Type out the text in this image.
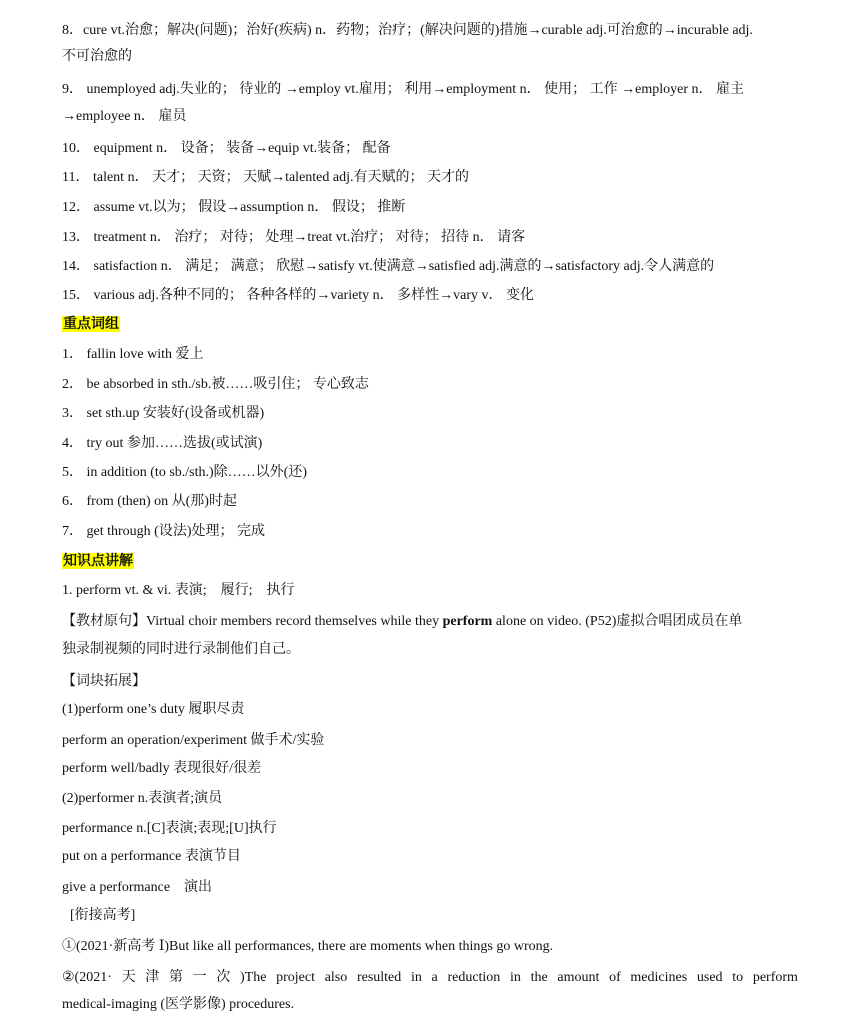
8．cure vt.治愈；解决(问题)；治好(疾病) n．药物；治疗；(解决问题的)措施→curable adj.可治愈的→incurable adj.
不可治愈的
9． unemployed adj.失业的； 待业的 →employ vt.雇用； 利用→employment n． 使用； 工作 →employer n． 雇主
→employee n． 雇员
10． equipment n． 设备； 装备→equip vt.装备； 配备
11． talent n． 天才； 天资； 天赋→talented adj.有天赋的； 天才的
12． assume vt.以为； 假设→assumption n． 假设； 推断
13． treatment n． 治疗； 对待； 处理→treat vt.治疗； 对待； 招待 n． 请客
14． satisfaction n． 满足； 满意； 欣慰→satisfy vt.使满意→satisfied adj.满意的→satisfactory adj.令人满意的
15． various adj.各种不同的； 各种各样的→variety n． 多样性→vary v． 变化
重点词组
1． fallin love with 爱上
2． be absorbed in sth./sb.被……吸引住； 专心致志
3． set sth.up 安装好(设备或机器)
4． try out 参加……选拔(或试演)
5． in addition (to sb./sth.)除……以外(还)
6． from (then) on 从(那)时起
7． get through (设法)处理； 完成
知识点讲解
1. perform vt. & vi. 表演;　履行;　执行
【教材原句】Virtual choir members record themselves while they perform alone on video. (P52)虚拟合唱团成员在单
独录制视频的同时进行录制他们自己。
【词块拓展】
(1)perform one’s duty 履职尽责
perform an operation/experiment 做手术/实验
perform well/badly 表现很好/很差
(2)performer n.表演者;演员
performance n.[C]表演;表现;[U]执行
put on a performance 表演节目
give a performance　演出
[衔接高考]
①(2021·新高考 Ⅰ)But like all performances, there are moments when things go wrong.
②(2021· 天 津 第 一 次 )The project also resulted in a reduction in the amount of medicines used to perform
medical-imaging (医学影像) procedures.
